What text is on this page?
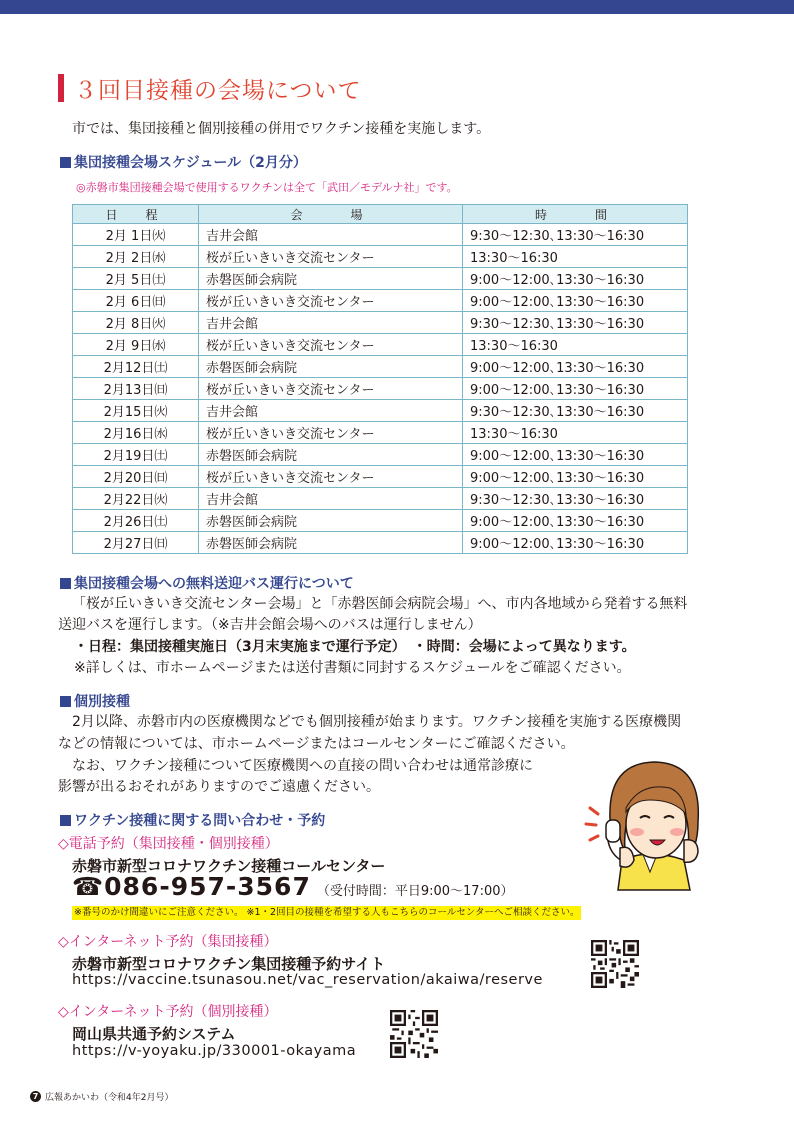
３回目接種の会場について
市では、集団接種と個別接種の併用でワクチン接種を実施します。
集団接種会場スケジュール（2月分）
◎赤磐市集団接種会場で使用するワクチンは全て「武田／モデルナ社」です。
日　程	会　　場	時　　間
2月 1日㈫	吉井会館	9:30～12:30､13:30～16:30
2月 2日㈬	桜が丘いきいき交流センター	13:30～16:30
2月 5日㈯	赤磐医師会病院	9:00～12:00､13:30～16:30
2月 6日㈰	桜が丘いきいき交流センター	9:00～12:00､13:30～16:30
2月 8日㈫	吉井会館	9:30～12:30､13:30～16:30
2月 9日㈬	桜が丘いきいき交流センター	13:30～16:30
2月12日㈯	赤磐医師会病院	9:00～12:00､13:30～16:30
2月13日㈰	桜が丘いきいき交流センター	9:00～12:00､13:30～16:30
2月15日㈫	吉井会館	9:30～12:30､13:30～16:30
2月16日㈬	桜が丘いきいき交流センター	13:30～16:30
2月19日㈯	赤磐医師会病院	9:00～12:00､13:30～16:30
2月20日㈰	桜が丘いきいき交流センター	9:00～12:00､13:30～16:30
2月22日㈫	吉井会館	9:30～12:30､13:30～16:30
2月26日㈯	赤磐医師会病院	9:00～12:00､13:30～16:30
2月27日㈰	赤磐医師会病院	9:00～12:00､13:30～16:30
集団接種会場への無料送迎バス運行について
「桜が丘いきいき交流センター会場」と「赤磐医師会病院会場」へ、市内各地域から発着する無料
送迎バスを運行します。（※吉井会館会場へのバスは運行しません）
・日程：集団接種実施日（3月末実施まで運行予定）　・時間：会場によって異なります。
※詳しくは、市ホームページまたは送付書類に同封するスケジュールをご確認ください。
個別接種
2月以降、赤磐市内の医療機関などでも個別接種が始まります。ワクチン接種を実施する医療機関
などの情報については、市ホームページまたはコールセンターにご確認ください。
なお、ワクチン接種について医療機関への直接の問い合わせは通常診療に
影響が出るおそれがありますのでご遠慮ください。
ワクチン接種に関する問い合わせ・予約
◇電話予約（集団接種・個別接種）
赤磐市新型コロナワクチン接種コールセンター
☎086-957-3567 （受付時間：平日9:00～17:00）
※番号のかけ間違いにご注意ください。 ※1・2回目の接種を希望する人もこちらのコールセンターへご相談ください。
◇インターネット予約（集団接種）
赤磐市新型コロナワクチン集団接種予約サイト
https://vaccine.tsunasou.net/vac_reservation/akaiwa/reserve
◇インターネット予約（個別接種）
岡山県共通予約システム
https://v-yoyaku.jp/330001-okayama
7 広報あかいわ（令和4年2月号）
